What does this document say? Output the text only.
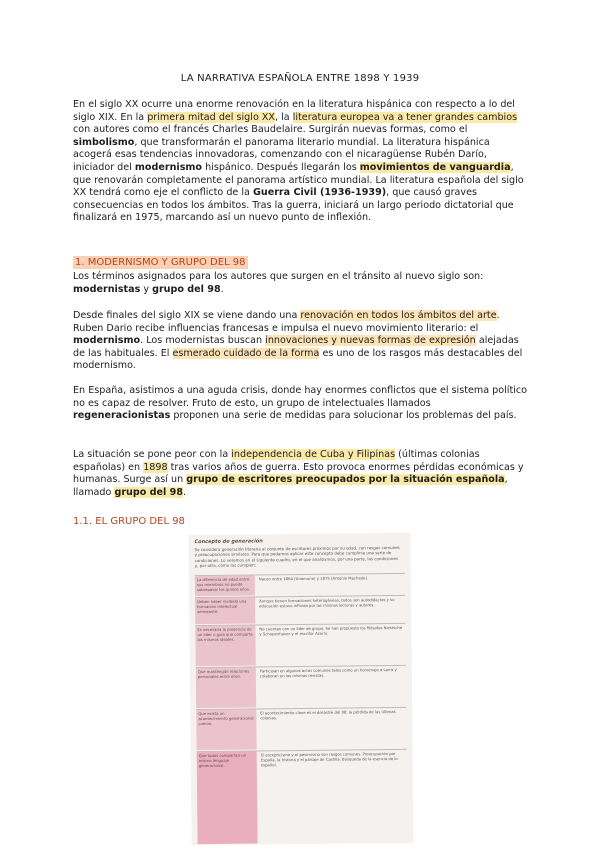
LA NARRATIVA ESPAÑOLA ENTRE 1898 Y 1939

En el siglo XX ocurre una enorme renovación en la literatura hispánica con respecto a lo del siglo XIX. En la primera mitad del siglo XX, la literatura europea va a tener grandes cambios con autores como el francés Charles Baudelaire. Surgirán nuevas formas, como el simbolismo, que transformarán el panorama literario mundial. La literatura hispánica acogerá esas tendencias innovadoras, comenzando con el nicaragüense Rubén Darío, iniciador del modernismo hispánico. Después llegarán los movimientos de vanguardia, que renovarán completamente el panorama artístico mundial. La literatura española del siglo XX tendrá como eje el conflicto de la Guerra Civil (1936-1939), que causó graves consecuencias en todos los ámbitos. Tras la guerra, iniciará un largo periodo dictatorial que finalizará en 1975, marcando así un nuevo punto de inflexión.

1. MODERNISMO Y GRUPO DEL 98

Los términos asignados para los autores que surgen en el tránsito al nuevo siglo son: modernistas y grupo del 98.

Desde finales del siglo XIX se viene dando una renovación en todos los ámbitos del arte. Ruben Dario recibe influencias francesas e impulsa el nuevo movimiento literario: el modernismo. Los modernistas buscan innovaciones y nuevas formas de expresión alejadas de las habituales. El esmerado cuidado de la forma es uno de los rasgos más destacables del modernismo.

En España, asistimos a una aguda crisis, donde hay enormes conflictos que el sistema político no es capaz de resolver. Fruto de esto, un grupo de intelectuales llamados regeneracionistas proponen una serie de medidas para solucionar los problemas del país.

La situación se pone peor con la independencia de Cuba y Filipinas (últimas colonias españolas) en 1898 tras varios años de guerra. Esto provoca enormes pérdidas económicas y humanas. Surge así un grupo de escritores preocupados por la situación española, llamado grupo del 98.

1.1. EL GRUPO DEL 98
Concepto de generación
Se considera generación literaria al conjunto de escritores próximos por su edad, con rasgos comunes y preocupaciones similares. Para que podamos aplicar este concepto debe cumplirse una serie de condiciones. Lo veremos en el siguiente cuadro, en el que analizamos, por una parte, las condiciones y, por otra, cómo las cumplen:
La diferencia de edad entre sus miembros no puede sobrepasar los quince años.
Nacen entre 1864 (Unamuno) y 1875 (Antonio Machado).
Deben haber recibido una formación intelectual semejante.
Aunque tienen formaciones heterogéneas, todos son autodidactas y su educación estuvo influida por las mismas lecturas y autores.
Es necesaria la presencia de un líder o guía que comparta los mismos ideales.
No cuentan con un líder de grupo. Se han propuesto los filósofos Nietzsche y Schopenhauer y el escritor Azorín.
Que mantengan relaciones personales entre ellos.
Participan en algunos actos comunes tales como un homenaje a Larra y colaboran en las mismas revistas.
Que exista un acontecimiento generacional común.
El acontecimiento clave es el desastre del 98: la pérdida de las últimas colonias.
Que todos compartan un mismo lenguaje generacional.
El escepticismo y el pesimismo son rasgos comunes. Preocupación por España, la historia y el paisaje de Castilla. Búsqueda de la esencia de lo español.
